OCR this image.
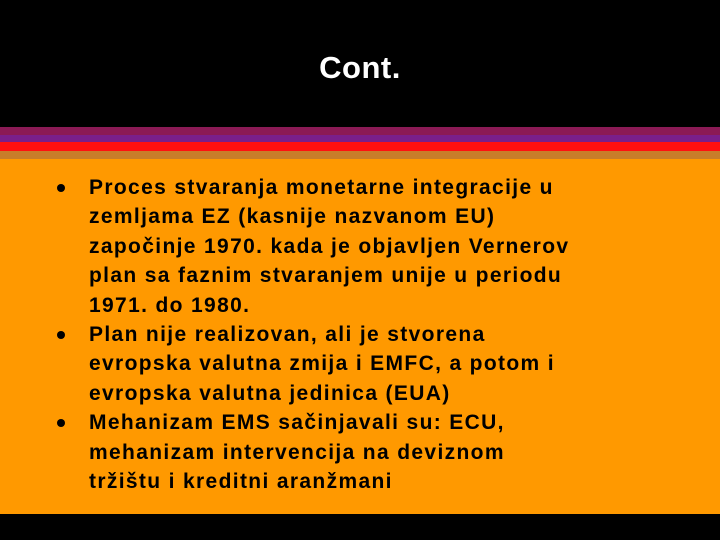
Cont.
Proces stvaranja monetarne integracije u
zemljama EZ (kasnije nazvanom EU)
započinje 1970. kada je objavljen Vernerov
plan sa faznim stvaranjem unije u periodu
1971. do 1980.
Plan nije realizovan, ali je stvorena
evropska valutna zmija i EMFC, a potom i
evropska valutna jedinica (EUA)
Mehanizam EMS sačinjavali su: ECU,
mehanizam intervencija na deviznom
tržištu i kreditni aranžmani
